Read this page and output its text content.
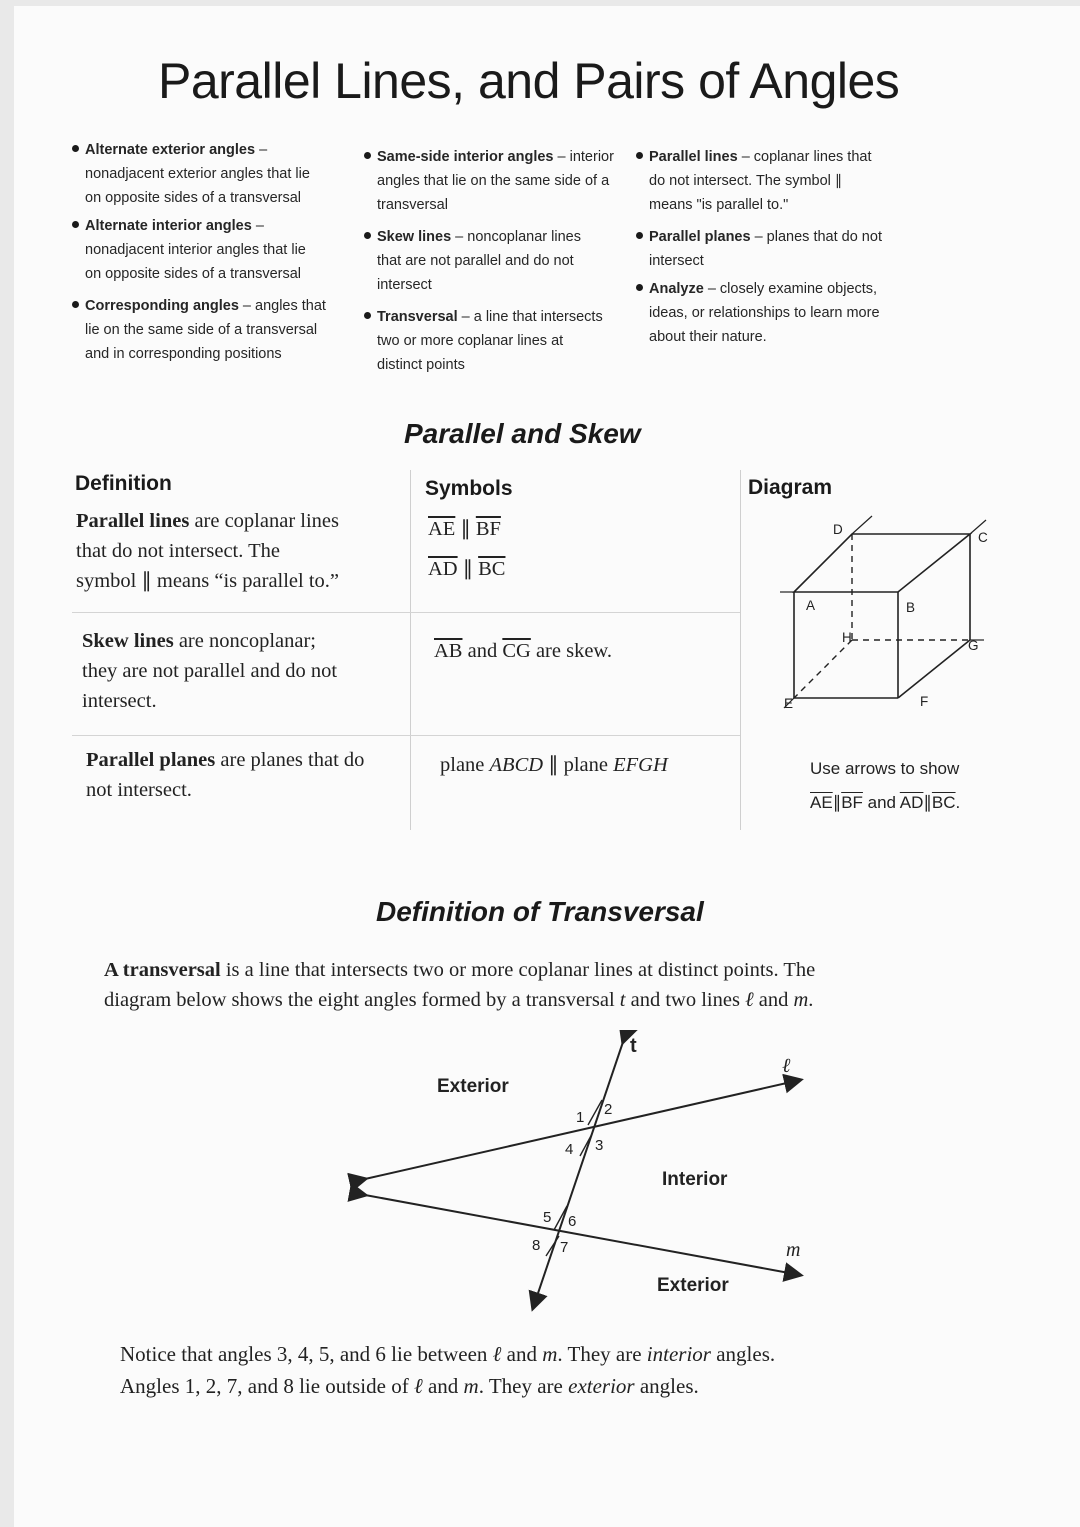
Parallel Lines, and Pairs of Angles
Alternate exterior angles –
nonadjacent exterior angles that lie
on opposite sides of a transversal
Alternate interior angles –
nonadjacent interior angles that lie
on opposite sides of a transversal
Corresponding angles – angles that
lie on the same side of a transversal
and in corresponding positions
Same-side interior angles – interior
angles that lie on the same side of a
transversal
Skew lines – noncoplanar lines
that are not parallel and do not
intersect
Transversal – a line that intersects
two or more coplanar lines at
distinct points
Parallel lines – coplanar lines that
do not intersect. The symbol ∥
means "is parallel to."
Parallel planes – planes that do not
intersect
Analyze – closely examine objects,
ideas, or relationships to learn more
about their nature.
Parallel and Skew
Definition	Symbols	Diagram
Parallel lines are coplanar lines
that do not intersect. The
symbol ∥ means “is parallel to.”
$\overline{AE}$ ∥ $\overline{BF}$
$\overline{AD}$ ∥ $\overline{BC}$
Skew lines are noncoplanar;
they are not parallel and do not
intersect.
$\overline{AB}$ and $\overline{CG}$ are skew.
Parallel planes are planes that do
not intersect.
plane ABCD ∥ plane EFGH
A	B
C
D
E	F
G
H
Use arrows to show
$\overline{AE}\parallel\overline{BF}$ and $\overline{AD}\parallel\overline{BC}$.
Definition of Transversal
A transversal is a line that intersects two or more coplanar lines at distinct points. The
diagram below shows the eight angles formed by a transversal t and two lines ℓ and m.
t
ℓ
m
1 2
3
4
5 6
7
8
Exterior
Interior
Exterior
Notice that angles 3, 4, 5, and 6 lie between ℓ and m. They are interior angles.
Angles 1, 2, 7, and 8 lie outside of ℓ and m. They are exterior angles.
